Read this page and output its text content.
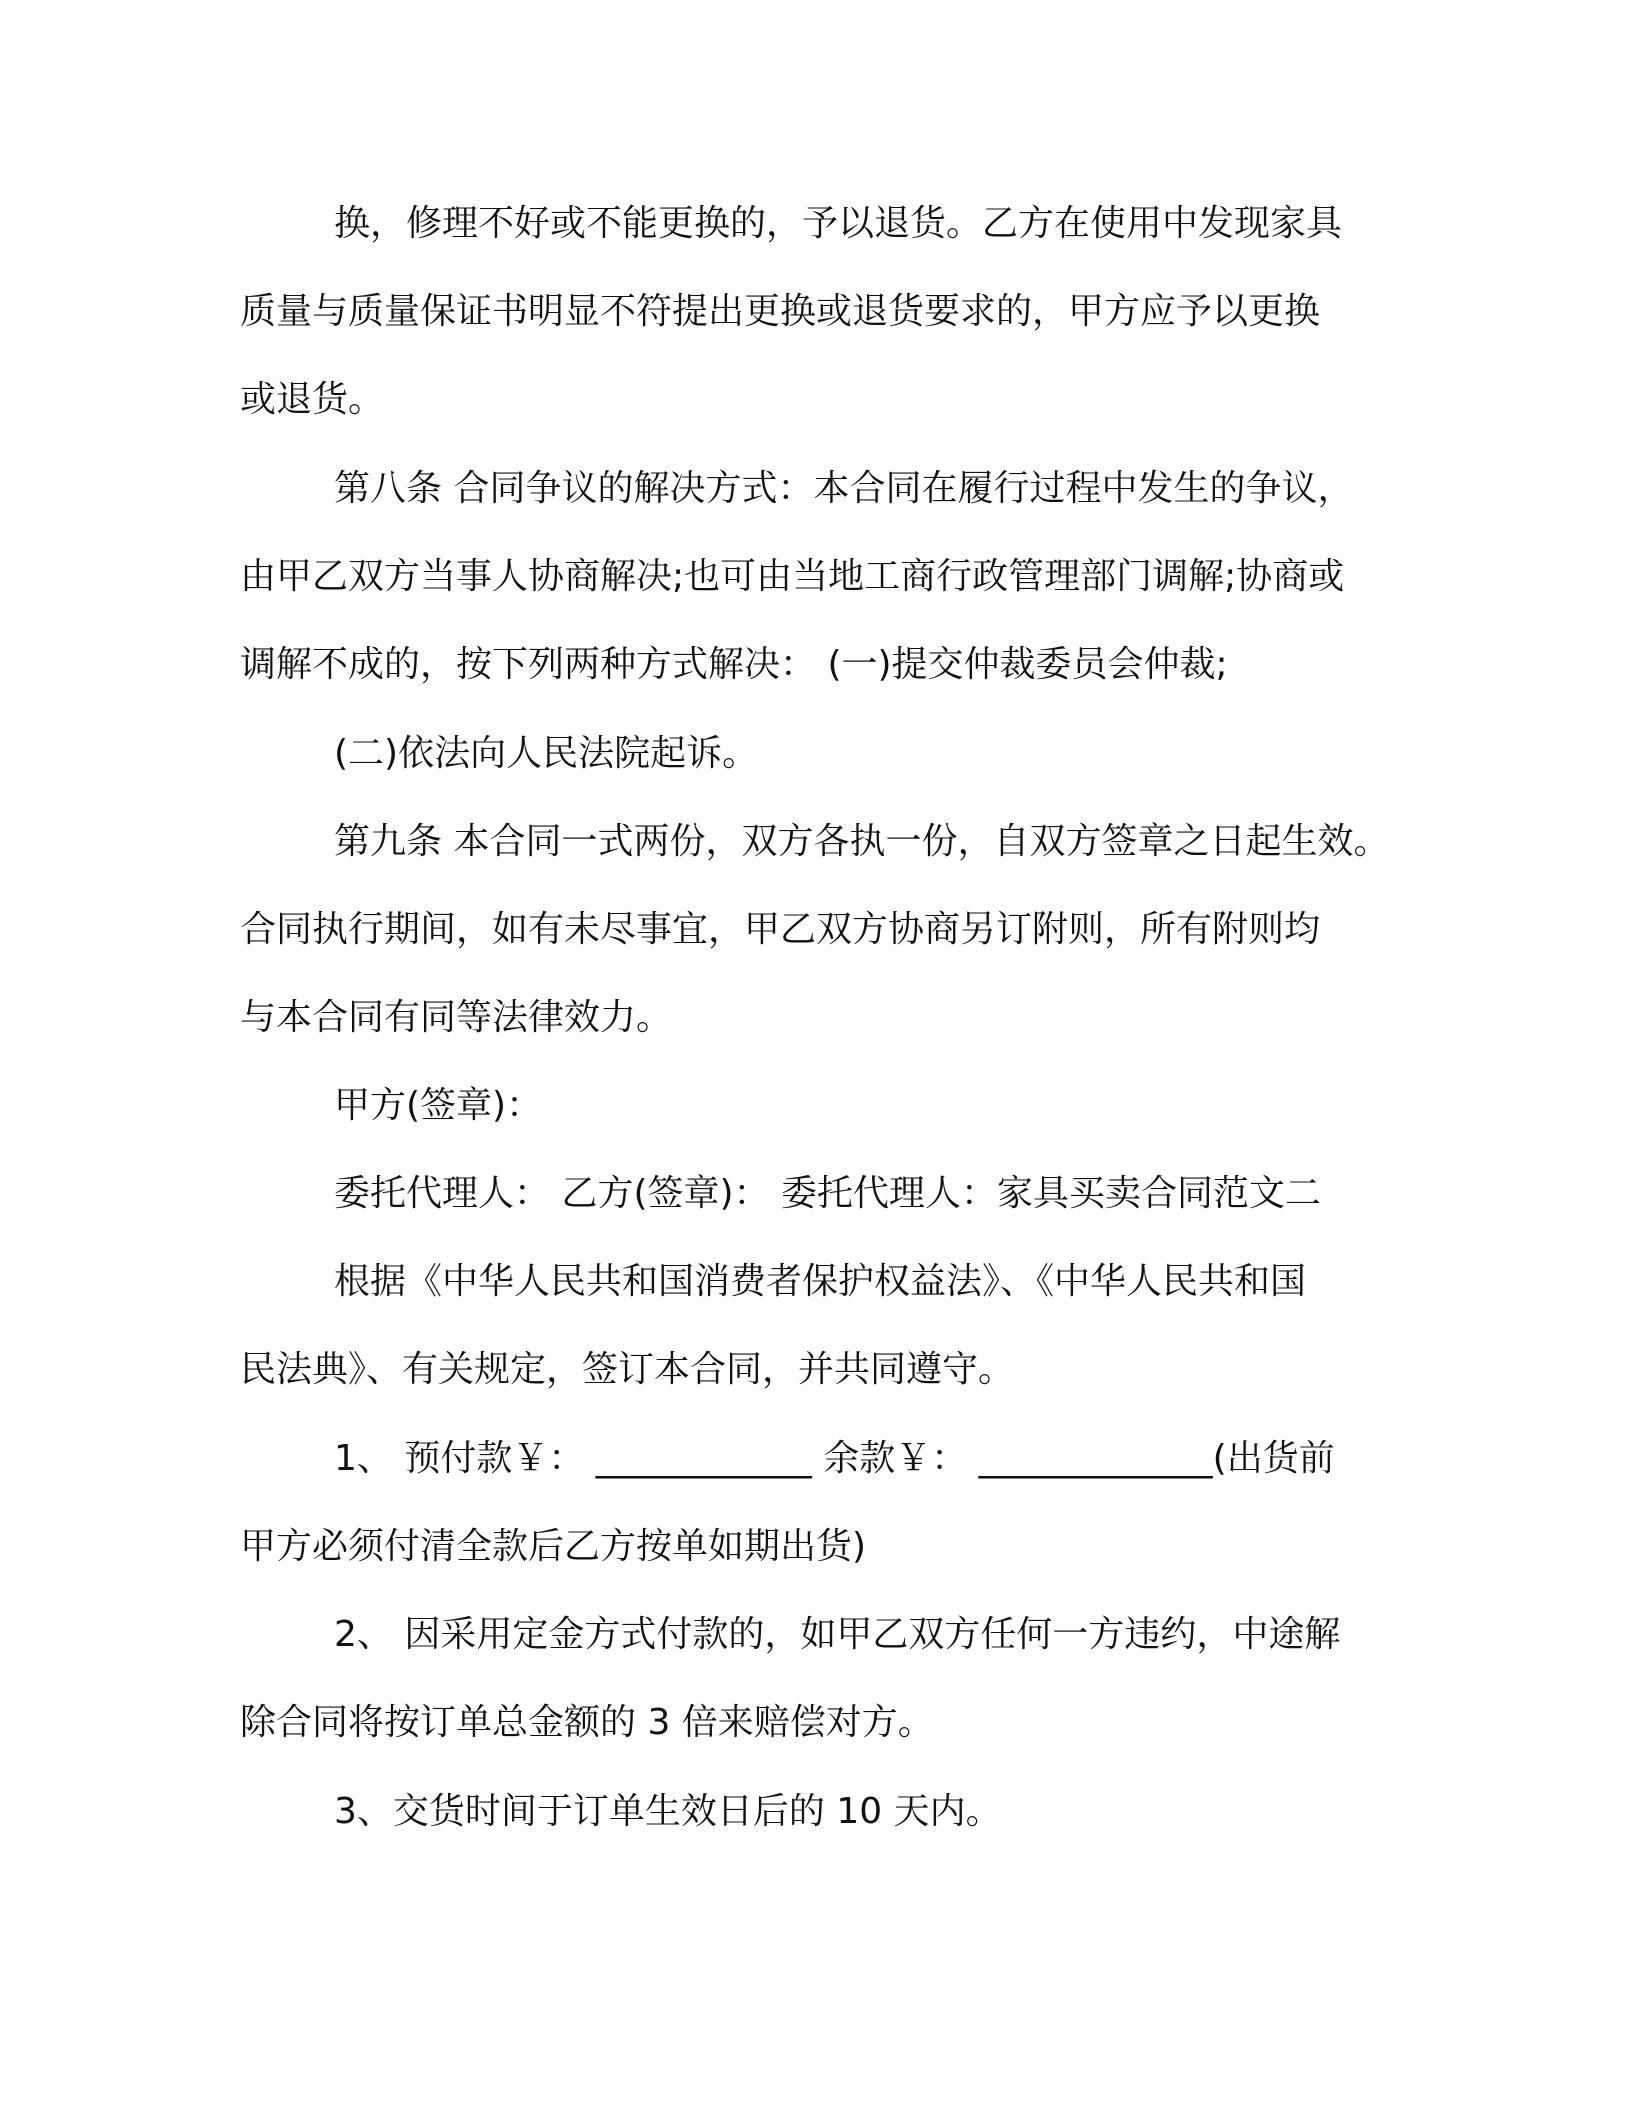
换，修理不好或不能更换的，予以退货。乙方在使用中发现家具
质量与质量保证书明显不符提出更换或退货要求的，甲方应予以更换
或退货。
第八条 合同争议的解决方式：本合同在履行过程中发生的争议，
由甲乙双方当事人协商解决;也可由当地工商行政管理部门调解;协商或
调解不成的，按下列两种方式解决： (一)提交仲裁委员会仲裁;
(二)依法向人民法院起诉。
第九条 本合同一式两份，双方各执一份，自双方签章之日起生效。
合同执行期间，如有未尽事宜，甲乙双方协商另订附则，所有附则均
与本合同有同等法律效力。
甲方(签章)：
委托代理人： 乙方(签章)： 委托代理人：家具买卖合同范文二
根据《中华人民共和国消费者保护权益法》、《中华人民共和国
民法典》、有关规定，签订本合同，并共同遵守。
1、 预付款￥： ____________ 余款￥： _____________(出货前
甲方必须付清全款后乙方按单如期出货)
2、 因采用定金方式付款的，如甲乙双方任何一方违约，中途解
除合同将按订单总金额的 3 倍来赔偿对方。
3、交货时间于订单生效日后的 10 天内。
